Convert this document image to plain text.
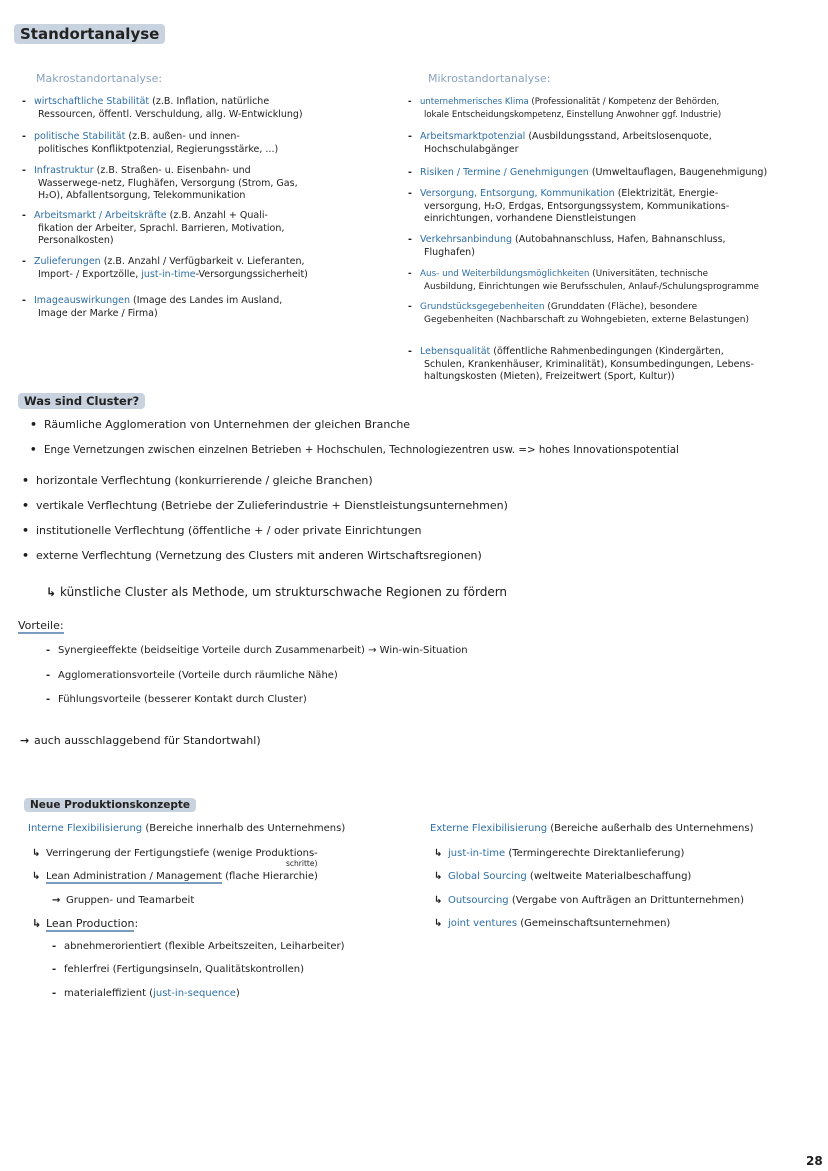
Standortanalyse
Makrostandortanalyse:
- wirtschaftliche Stabilität (z.B. Inflation, natürliche
Ressourcen, öffentl. Verschuldung, allg. W-Entwicklung)
- politische Stabilität (z.B. außen- und innen-
politisches Konfliktpotenzial, Regierungsstärke, ...)
- Infrastruktur (z.B. Straßen- u. Eisenbahn- und
Wasserwege-netz, Flughäfen, Versorgung (Strom, Gas,
H₂O), Abfallentsorgung, Telekommunikation
- Arbeitsmarkt / Arbeitskräfte (z.B. Anzahl + Quali-
fikation der Arbeiter, Sprachl. Barrieren, Motivation,
Personalkosten)
- Zulieferungen (z.B. Anzahl / Verfügbarkeit v. Lieferanten,
Import- / Exportzölle, just-in-time-Versorgungssicherheit)
- Imageauswirkungen (Image des Landes im Ausland,
Image der Marke / Firma)
Mikrostandortanalyse:
- unternehmerisches Klima (Professionalität / Kompetenz der Behörden,
lokale Entscheidungskompetenz, Einstellung Anwohner ggf. Industrie)
- Arbeitsmarktpotenzial (Ausbildungsstand, Arbeitslosenquote,
Hochschulabgänger
- Risiken / Termine / Genehmigungen (Umweltauflagen, Baugenehmigung)
- Versorgung, Entsorgung, Kommunikation (Elektrizität, Energie-
versorgung, H₂O, Erdgas, Entsorgungssystem, Kommunikations-
einrichtungen, vorhandene Dienstleistungen
- Verkehrsanbindung (Autobahnanschluss, Hafen, Bahnanschluss,
Flughafen)
- Aus- und Weiterbildungsmöglichkeiten (Universitäten, technische
Ausbildung, Einrichtungen wie Berufsschulen, Anlauf-/Schulungsprogramme
- Grundstücksgegebenheiten (Grunddaten (Fläche), besondere
Gegebenheiten (Nachbarschaft zu Wohngebieten, externe Belastungen)
- Lebensqualität (öffentliche Rahmenbedingungen (Kindergärten,
Schulen, Krankenhäuser, Kriminalität), Konsumbedingungen, Lebens-
haltungskosten (Mieten), Freizeitwert (Sport, Kultur))
Was sind Cluster?
• Räumliche Agglomeration von Unternehmen der gleichen Branche
• Enge Vernetzungen zwischen einzelnen Betrieben + Hochschulen, Technologiezentren usw. => hohes Innovationspotential
• horizontale Verflechtung (konkurrierende / gleiche Branchen)
• vertikale Verflechtung (Betriebe der Zulieferindustrie + Dienstleistungsunternehmen)
• institutionelle Verflechtung (öffentliche + / oder private Einrichtungen
• externe Verflechtung (Vernetzung des Clusters mit anderen Wirtschaftsregionen)
↳ künstliche Cluster als Methode, um strukturschwache Regionen zu fördern
Vorteile:
- Synergieeffekte (beidseitige Vorteile durch Zusammenarbeit) → Win-win-Situation
- Agglomerationsvorteile (Vorteile durch räumliche Nähe)
- Fühlungsvorteile (besserer Kontakt durch Cluster)
→ auch ausschlaggebend für Standortwahl)
Neue Produktionskonzepte
Interne Flexibilisierung (Bereiche innerhalb des Unternehmens)
↳ Verringerung der Fertigungstiefe (wenige Produktions-
schritte)
↳ Lean Administration / Management (flache Hierarchie)
→ Gruppen- und Teamarbeit
↳ Lean Production:
- abnehmerorientiert (flexible Arbeitszeiten, Leiharbeiter)
- fehlerfrei (Fertigungsinseln, Qualitätskontrollen)
- materialeffizient (just-in-sequence)
Externe Flexibilisierung (Bereiche außerhalb des Unternehmens)
↳ just-in-time (Termingerechte Direktanlieferung)
↳ Global Sourcing (weltweite Materialbeschaffung)
↳ Outsourcing (Vergabe von Aufträgen an Drittunternehmen)
↳ joint ventures (Gemeinschaftsunternehmen)
28
